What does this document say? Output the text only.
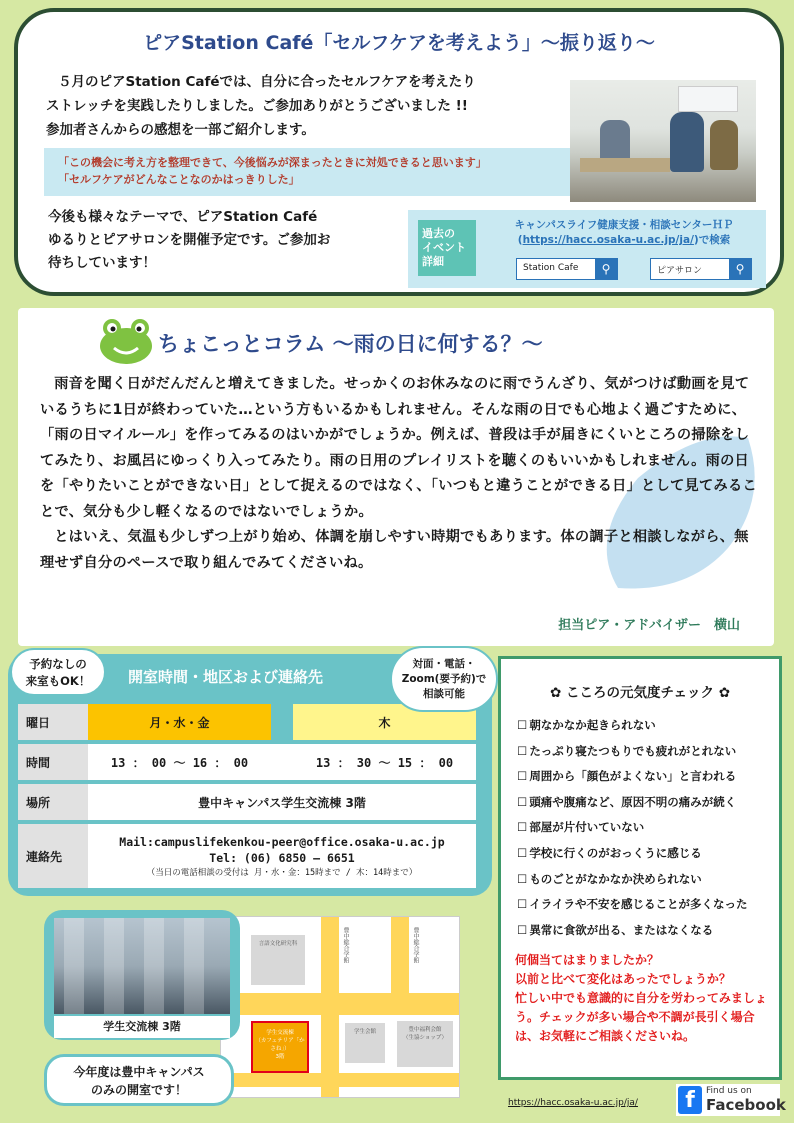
ピアStation Café「セルフケアを考えよう」〜振り返り〜
５月のピアStation Caféでは、自分に合ったセルフケアを考えたり
ストレッチを実践したりしました。ご参加ありがとうございました !!
参加者さんからの感想を一部ご紹介します。
「この機会に考え方を整理できて、今後悩みが深まったときに対処できると思います」
「セルフケアがどんなことなのかはっきりした」
今後も様々なテーマで、ピアStation Café
ゆるりとピアサロンを開催予定です。ご参加お
待ちしています！
過去の
イベント
詳細
キャンパスライフ健康支援・相談センターＨＰ
(https://hacc.osaka-u.ac.jp/ja/)で検索
Station Cafe	⚲	ピアサロン	⚲
ちょこっとコラム 〜雨の日に何する？〜

雨音を聞く日がだんだんと増えてきました。せっかくのお休みなのに雨でうんざり、気がつけば動画を見ているうちに1日が終わっていた…という方もいるかもしれません。そんな雨の日でも心地よく過ごすために、「雨の日マイルール」を作ってみるのはいかがでしょうか。例えば、普段は手が届きにくいところの掃除をしてみたり、お風呂にゆっくり入ってみたり。雨の日用のプレイリストを聴くのもいいかもしれません。雨の日を「やりたいことができない日」として捉えるのではなく、「いつもと違うことができる日」として見てみることで、気分も少し軽くなるのではないでしょうか。

とはいえ、気温も少しずつ上がり始め、体調を崩しやすい時期でもあります。体の調子と相談しながら、無理せず自分のペースで取り組んでみてくださいね。

担当ピア・アドバイザー　横山
開室時間・地区および連絡先
予約なしの
来室もOK！
対面・電話・
Zoom(要予約)で
相談可能
曜日	月・水・金		木
時間	13 ： 00 〜 16 ： 00		13 ： 30 〜 15 ： 00
場所	豊中キャンパス学生交流棟 3階		
連絡先	Mail:campuslifekenkou-peer@office.osaka-u.ac.jp
Tel: (06) 6850 – 6651
（当日の電話相談の受付は 月・水・金：15時まで / 木：14時まで）		
✿ こころの元気度チェック ✿
☐ 朝なかなか起きられない
☐ たっぷり寝たつもりでも疲れがとれない
☐ 周囲から「顔色がよくない」と言われる
☐ 頭痛や腹痛など、原因不明の痛みが続く
☐ 部屋が片付いていない
☐ 学校に行くのがおっくうに感じる
☐ ものごとがなかなか決められない
☐ イライラや不安を感じることが多くなった
☐ 異常に食欲が出る、またはなくなる
何個当てはまりましたか？
以前と比べて変化はあったでしょうか？
忙しい中でも意識的に自分を労わってみましょう。チェックが多い場合や不調が長引く場合は、お気軽にご相談くださいね。
言語文化研究科	豊中総合学館	豊中総合学館
学生交流棟
（カフェテリア「かさね」）
3階
学生会館	豊中福利会館
（生協ショップ）
学生交流棟 3階
今年度は豊中キャンパス
のみの開室です！
https://hacc.osaka-u.ac.jp/ja/	f	Find us on
Facebook
